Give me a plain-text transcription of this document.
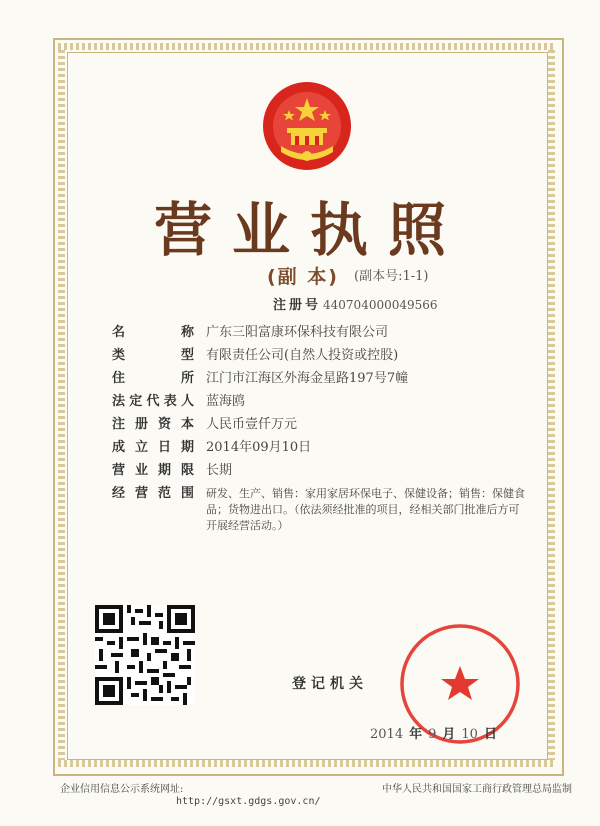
营业执照
(副 本) (副本号:1-1)
注册号 440704000049566
名称 广东三阳富康环保科技有限公司
类型 有限责任公司(自然人投资或控股)
住所 江门市江海区外海金星路197号7幢
法定代表人 蓝海鸥
注册资本 人民币壹仟万元
成立日期 2014年09月10日
营业期限 长期
经营范围 研发、生产、销售：家用家居环保电子、保健设备；销售：保健食品；货物进出口。（依法须经批准的项目，经相关部门批准后方可开展经营活动。）
登记机关
2014 年 9 月 10 日
企业信用信息公示系统网址:
http://gsxt.gdgs.gov.cn/
中华人民共和国国家工商行政管理总局监制
